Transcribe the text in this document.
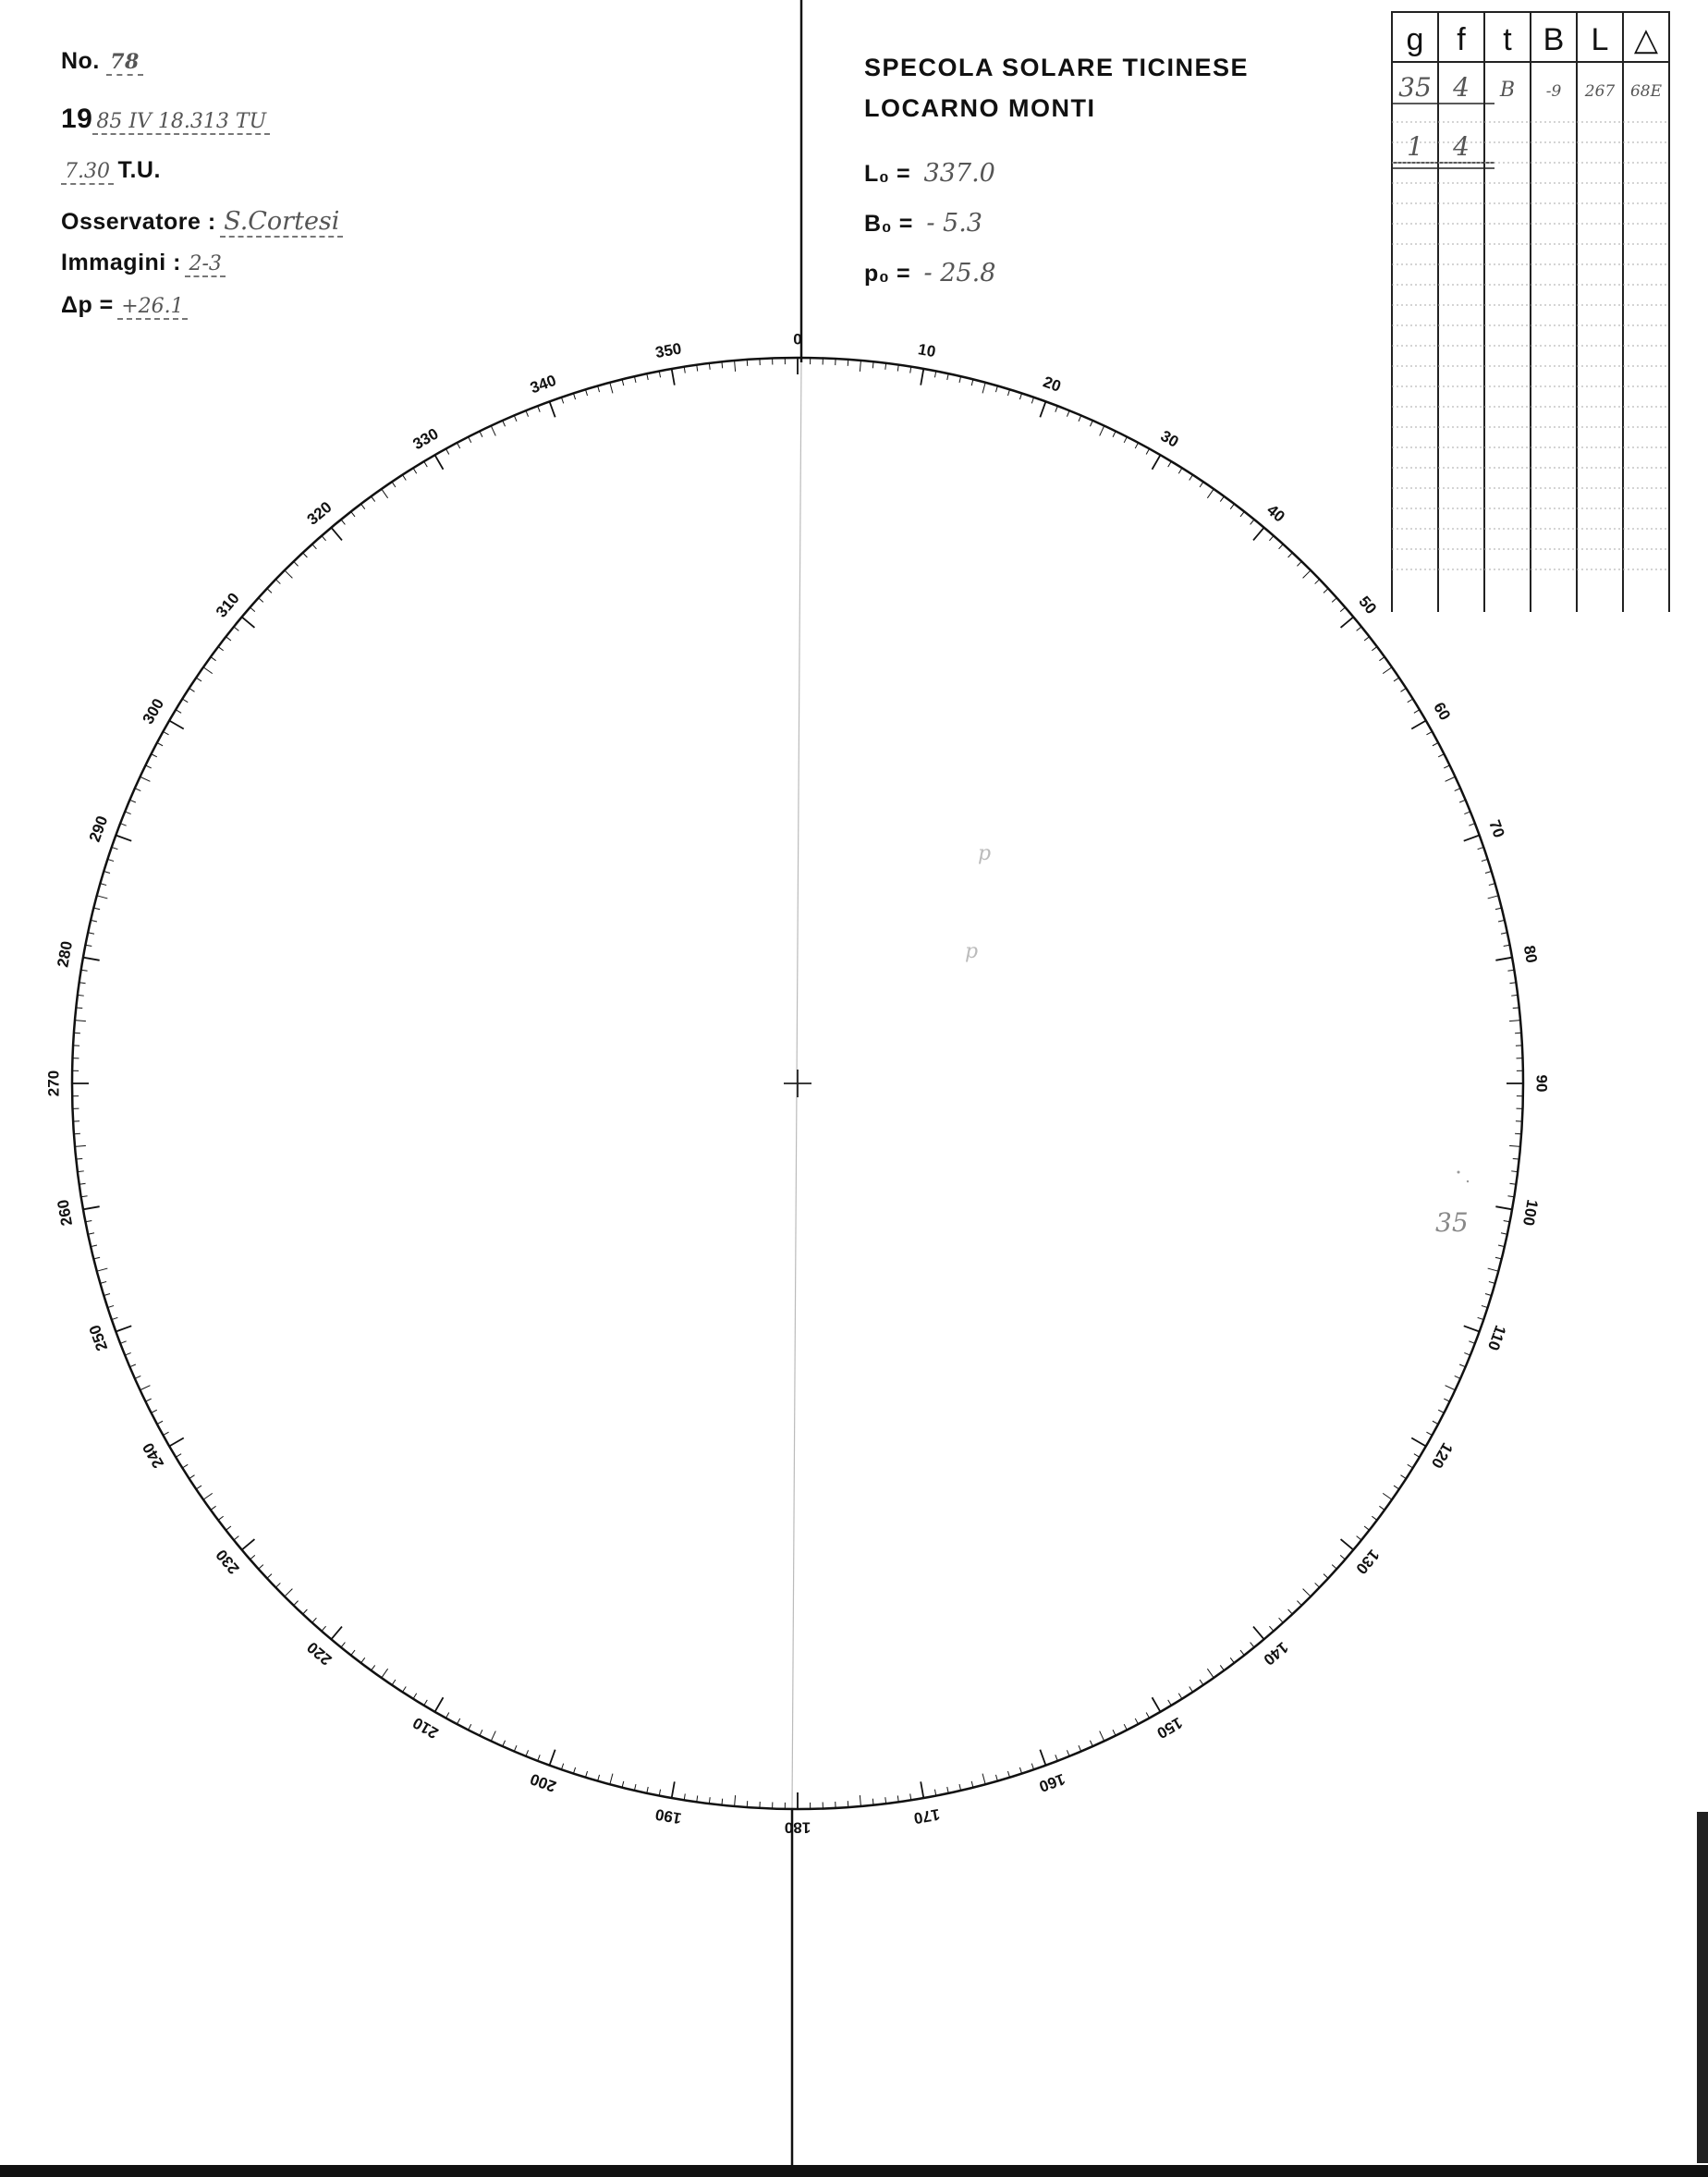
No. 78
19 85 IV 18.313 TU
7.30 T.U.
Osservatore : S.Cortesi
Immagini : 2-3
Δp = +26.1
SPECOLA SOLARE TICINESE
LOCARNO MONTI
L₀ = 337.0
B₀ = - 5.3
p₀ = - 25.8
g f t B L △
35 4 B -9 267 68E
1 4
0
10
20
30
40
50
60
70
80
90
100
110
120
130
140
150
160
170
180
190
200
210
220
230
240
250
260
270
280
290
300
310
320
330
340
350
p
p
35
